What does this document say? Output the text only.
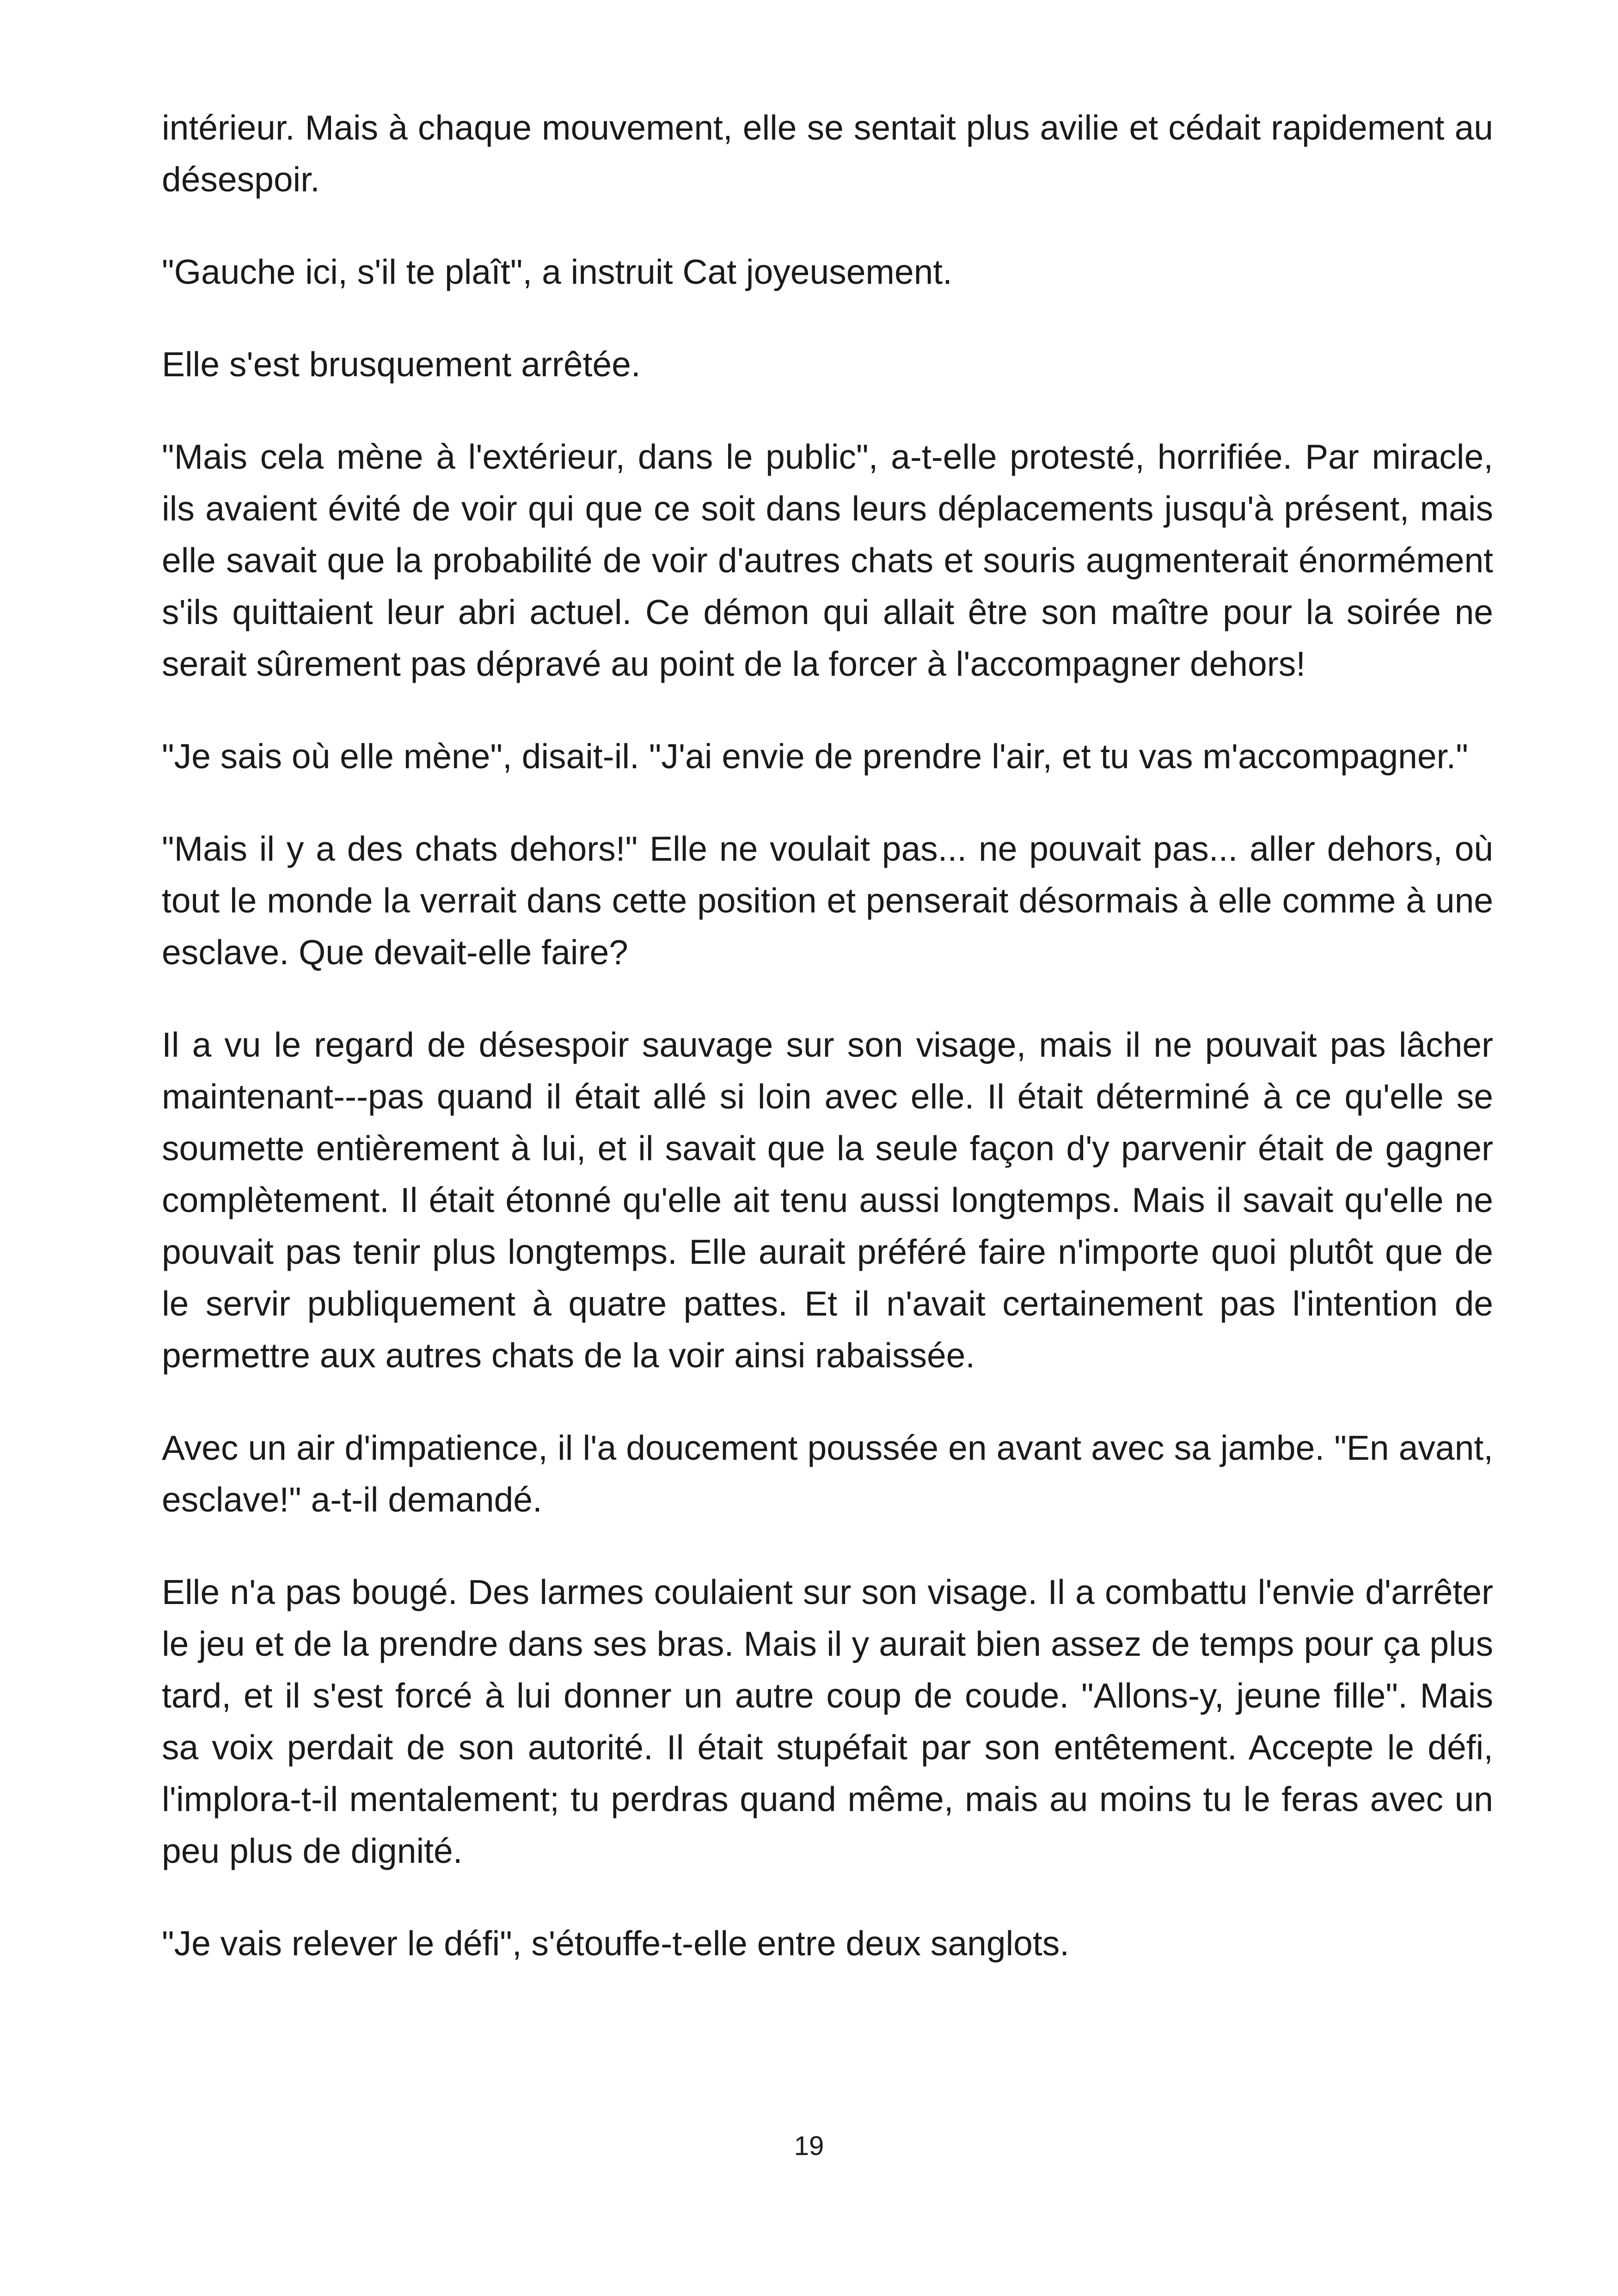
intérieur. Mais à chaque mouvement, elle se sentait plus avilie et cédait rapidement au désespoir.

"Gauche ici, s'il te plaît", a instruit Cat joyeusement.

Elle s'est brusquement arrêtée.

"Mais cela mène à l'extérieur, dans le public", a-t-elle protesté, horrifiée. Par miracle, ils avaient évité de voir qui que ce soit dans leurs déplacements jusqu'à présent, mais elle savait que la probabilité de voir d'autres chats et souris augmenterait énormément s'ils quittaient leur abri actuel. Ce démon qui allait être son maître pour la soirée ne serait sûrement pas dépravé au point de la forcer à l'accompagner dehors!

"Je sais où elle mène", disait-il. "J'ai envie de prendre l'air, et tu vas m'accompagner."

"Mais il y a des chats dehors!" Elle ne voulait pas... ne pouvait pas... aller dehors, où tout le monde la verrait dans cette position et penserait désormais à elle comme à une esclave. Que devait-elle faire?

Il a vu le regard de désespoir sauvage sur son visage, mais il ne pouvait pas lâcher maintenant---pas quand il était allé si loin avec elle. Il était déterminé à ce qu'elle se soumette entièrement à lui, et il savait que la seule façon d'y parvenir était de gagner complètement. Il était étonné qu'elle ait tenu aussi longtemps. Mais il savait qu'elle ne pouvait pas tenir plus longtemps. Elle aurait préféré faire n'importe quoi plutôt que de le servir publiquement à quatre pattes. Et il n'avait certainement pas l'intention de permettre aux autres chats de la voir ainsi rabaissée.

Avec un air d'impatience, il l'a doucement poussée en avant avec sa jambe. "En avant, esclave!" a-t-il demandé.

Elle n'a pas bougé. Des larmes coulaient sur son visage. Il a combattu l'envie d'arrêter le jeu et de la prendre dans ses bras. Mais il y aurait bien assez de temps pour ça plus tard, et il s'est forcé à lui donner un autre coup de coude. "Allons-y, jeune fille". Mais sa voix perdait de son autorité. Il était stupéfait par son entêtement. Accepte le défi, l'implora-t-il mentalement; tu perdras quand même, mais au moins tu le feras avec un peu plus de dignité.

"Je vais relever le défi", s'étouffe-t-elle entre deux sanglots.

19
